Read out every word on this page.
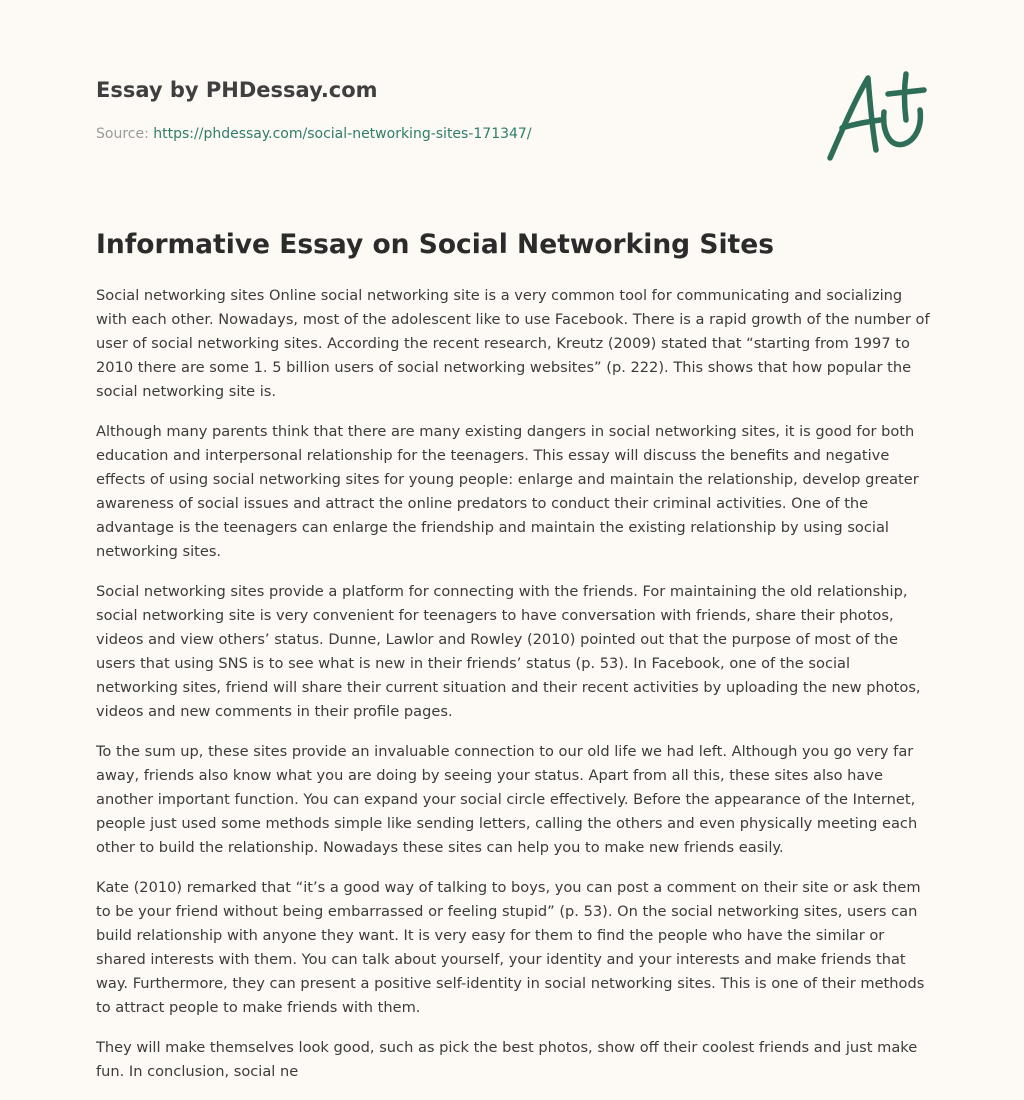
Essay by PHDessay.com
Source: https://phdessay.com/social-networking-sites-171347/
Informative Essay on Social Networking Sites

Social networking sites Online social networking site is a very common tool for communicating and socializing with each other. Nowadays, most of the adolescent like to use Facebook. There is a rapid growth of the number of user of social networking sites. According the recent research, Kreutz (2009) stated that “starting from 1997 to 2010 there are some 1. 5 billion users of social networking websites” (p. 222). This shows that how popular the social networking site is.

Although many parents think that there are many existing dangers in social networking sites, it is good for both education and interpersonal relationship for the teenagers. This essay will discuss the benefits and negative effects of using social networking sites for young people: enlarge and maintain the relationship, develop greater awareness of social issues and attract the online predators to conduct their criminal activities. One of the advantage is the teenagers can enlarge the friendship and maintain the existing relationship by using social networking sites.

Social networking sites provide a platform for connecting with the friends. For maintaining the old relationship, social networking site is very convenient for teenagers to have conversation with friends, share their photos, videos and view others’ status. Dunne, Lawlor and Rowley (2010) pointed out that the purpose of most of the users that using SNS is to see what is new in their friends’ status (p. 53). In Facebook, one of the social networking sites, friend will share their current situation and their recent activities by uploading the new photos, videos and new comments in their profile pages.

To the sum up, these sites provide an invaluable connection to our old life we had left. Although you go very far away, friends also know what you are doing by seeing your status. Apart from all this, these sites also have another important function. You can expand your social circle effectively. Before the appearance of the Internet, people just used some methods simple like sending letters, calling the others and even physically meeting each other to build the relationship. Nowadays these sites can help you to make new friends easily.

Kate (2010) remarked that “it’s a good way of talking to boys, you can post a comment on their site or ask them to be your friend without being embarrassed or feeling stupid” (p. 53). On the social networking sites, users can build relationship with anyone they want. It is very easy for them to find the people who have the similar or shared interests with them. You can talk about yourself, your identity and your interests and make friends that way. Furthermore, they can present a positive self-identity in social networking sites. This is one of their methods to attract people to make friends with them.

They will make themselves look good, such as pick the best photos, show off their coolest friends and just make fun. In conclusion, social ne
